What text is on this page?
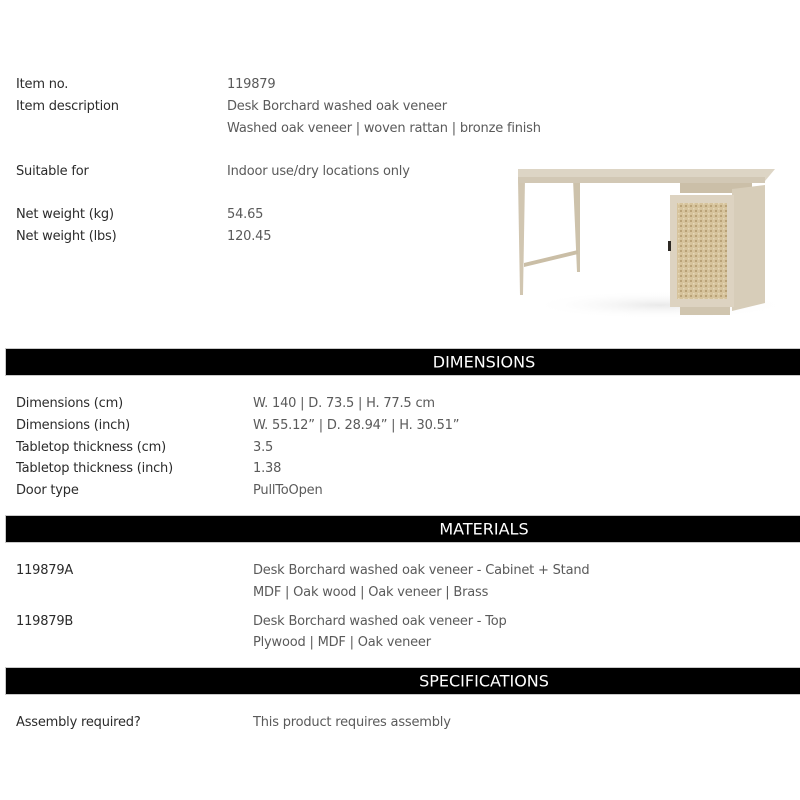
Item no.	119879
Item description	Desk Borchard washed oak veneer
Washed oak veneer | woven rattan | bronze finish
Suitable for	Indoor use/dry locations only
Net weight (kg)	54.65
Net weight (lbs)	120.45
DIMENSIONS
Dimensions (cm)	W. 140 | D. 73.5 | H. 77.5 cm
Dimensions (inch)	W. 55.12” | D. 28.94” | H. 30.51”
Tabletop thickness (cm)	3.5
Tabletop thickness (inch)	1.38
Door type	PullToOpen
MATERIALS
119879A	Desk Borchard washed oak veneer - Cabinet + Stand
MDF | Oak wood | Oak veneer | Brass
119879B	Desk Borchard washed oak veneer - Top
Plywood | MDF | Oak veneer
SPECIFICATIONS
Assembly required?	This product requires assembly
